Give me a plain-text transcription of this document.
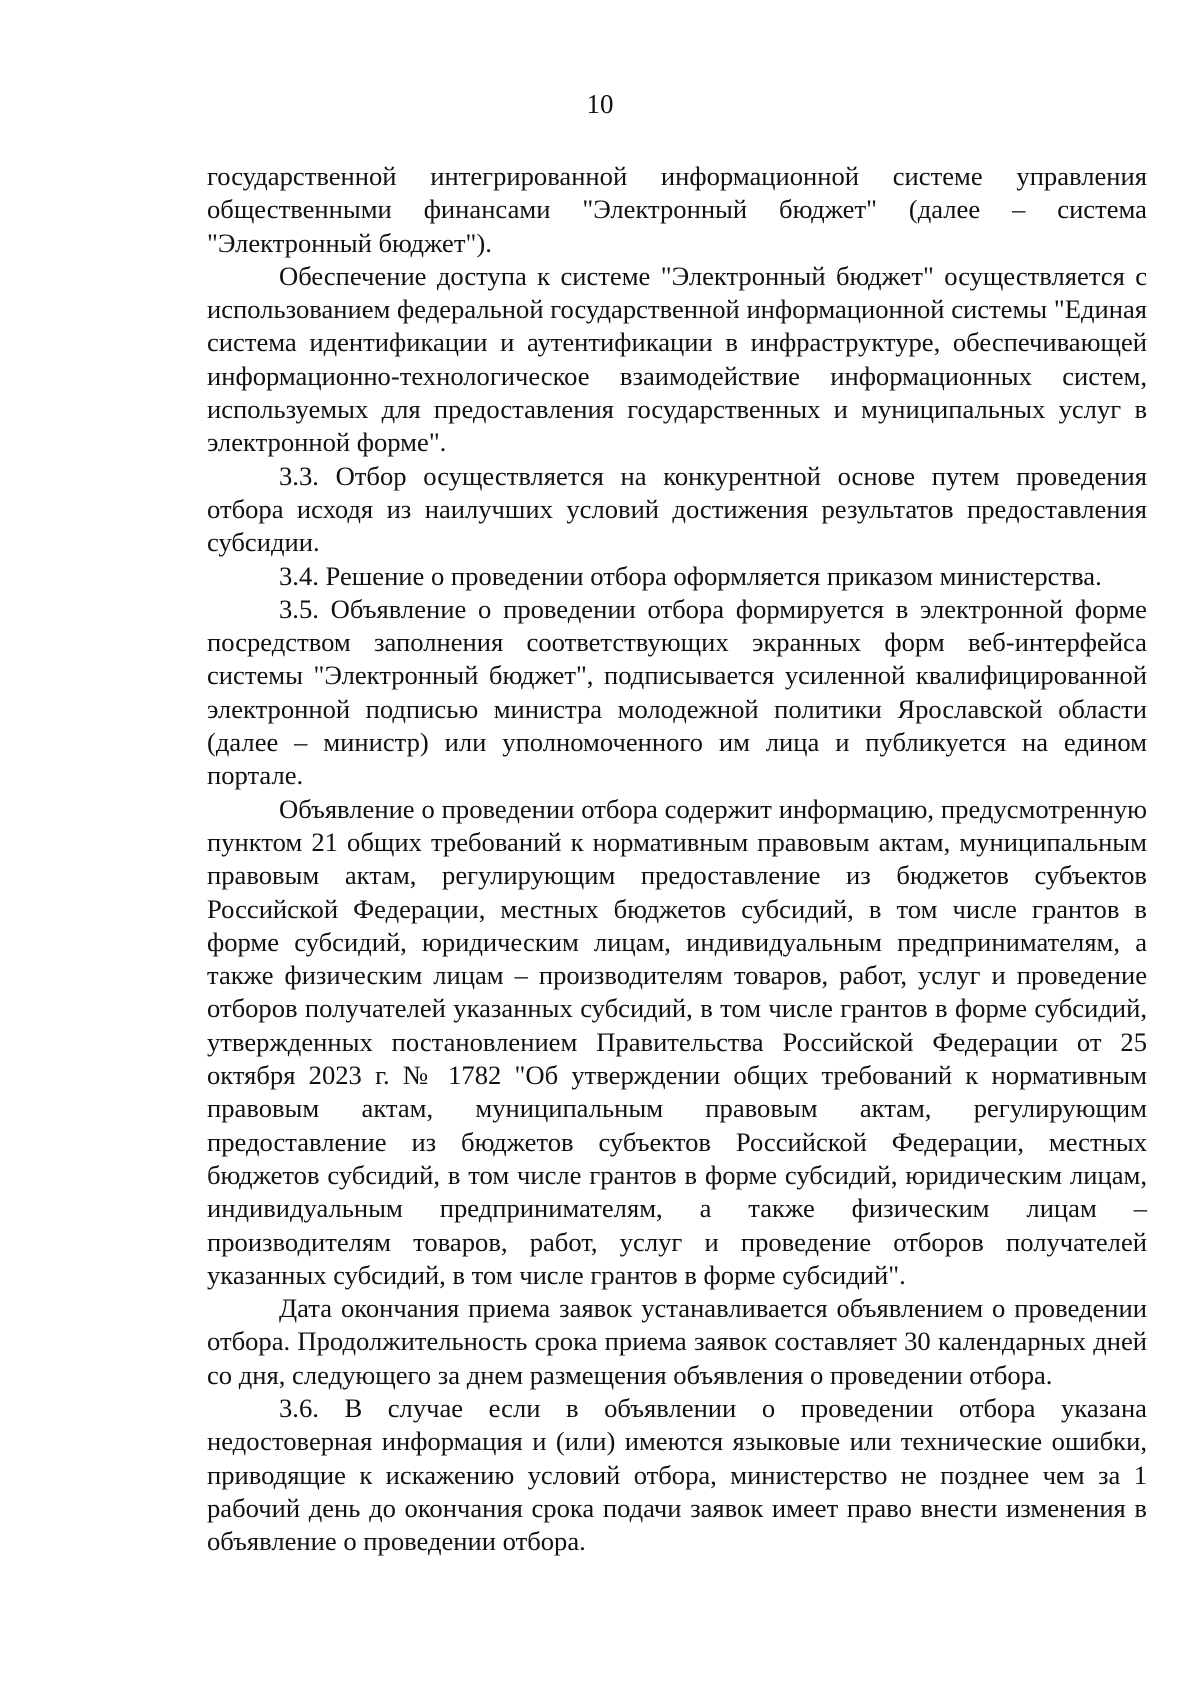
10

государственной интегрированной информационной системе управления общественными финансами "Электронный бюджет" (далее – система "Электронный бюджет").

Обеспечение доступа к системе "Электронный бюджет" осуществляется с использованием федеральной государственной информационной системы "Единая система идентификации и аутентификации в инфраструктуре, обеспечивающей информационно-технологическое взаимодействие информационных систем, используемых для предоставления государственных и муниципальных услуг в электронной форме".

3.3. Отбор осуществляется на конкурентной основе путем проведения отбора исходя из наилучших условий достижения результатов предоставления субсидии.

3.4. Решение о проведении отбора оформляется приказом министерства.

3.5. Объявление о проведении отбора формируется в электронной форме посредством заполнения соответствующих экранных форм веб-интерфейса системы "Электронный бюджет", подписывается усиленной квалифицированной электронной подписью министра молодежной политики Ярославской области (далее – министр) или уполномоченного им лица и публикуется на едином портале.

Объявление о проведении отбора содержит информацию, предусмотренную пунктом 21 общих требований к нормативным правовым актам, муниципальным правовым актам, регулирующим предоставление из бюджетов субъектов Российской Федерации, местных бюджетов субсидий, в том числе грантов в форме субсидий, юридическим лицам, индивидуальным предпринимателям, а также физическим лицам – производителям товаров, работ, услуг и проведение отборов получателей указанных субсидий, в том числе грантов в форме субсидий, утвержденных постановлением Правительства Российской Федерации от 25 октября 2023 г. № 1782 "Об утверждении общих требований к нормативным правовым актам, муниципальным правовым актам, регулирующим предоставление из бюджетов субъектов Российской Федерации, местных бюджетов субсидий, в том числе грантов в форме субсидий, юридическим лицам, индивидуальным предпринимателям, а также физическим лицам – производителям товаров, работ, услуг и проведение отборов получателей указанных субсидий, в том числе грантов в форме субсидий".

Дата окончания приема заявок устанавливается объявлением о проведении отбора. Продолжительность срока приема заявок составляет 30 календарных дней со дня, следующего за днем размещения объявления о проведении отбора.

3.6. В случае если в объявлении о проведении отбора указана недостоверная информация и (или) имеются языковые или технические ошибки, приводящие к искажению условий отбора, министерство не позднее чем за 1 рабочий день до окончания срока подачи заявок имеет право внести изменения в объявление о проведении отбора.
